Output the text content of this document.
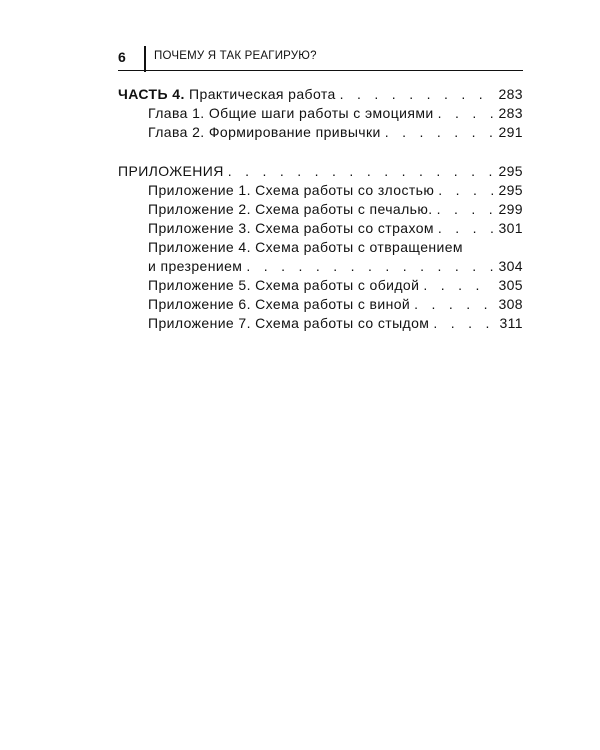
6 ПОЧЕМУ Я ТАК РЕАГИРУЮ?
ЧАСТЬ 4. Практическая работа . . .	283
Глава 1. Общие шаги работы с эмоциями . . .	283
Глава 2. Формирование привычки . . .	291
ПРИЛОЖЕНИЯ . . .	295
Приложение 1. Схема работы со злостью . . .	295
Приложение 2. Схема работы с печалью. . . .	299
Приложение 3. Схема работы со страхом . . .	301
Приложение 4. Схема работы с отвращением
и презрением . . .	304
Приложение 5. Схема работы с обидой . . .	305
Приложение 6. Схема работы с виной . . .	308
Приложение 7. Схема работы со стыдом . . .	311
